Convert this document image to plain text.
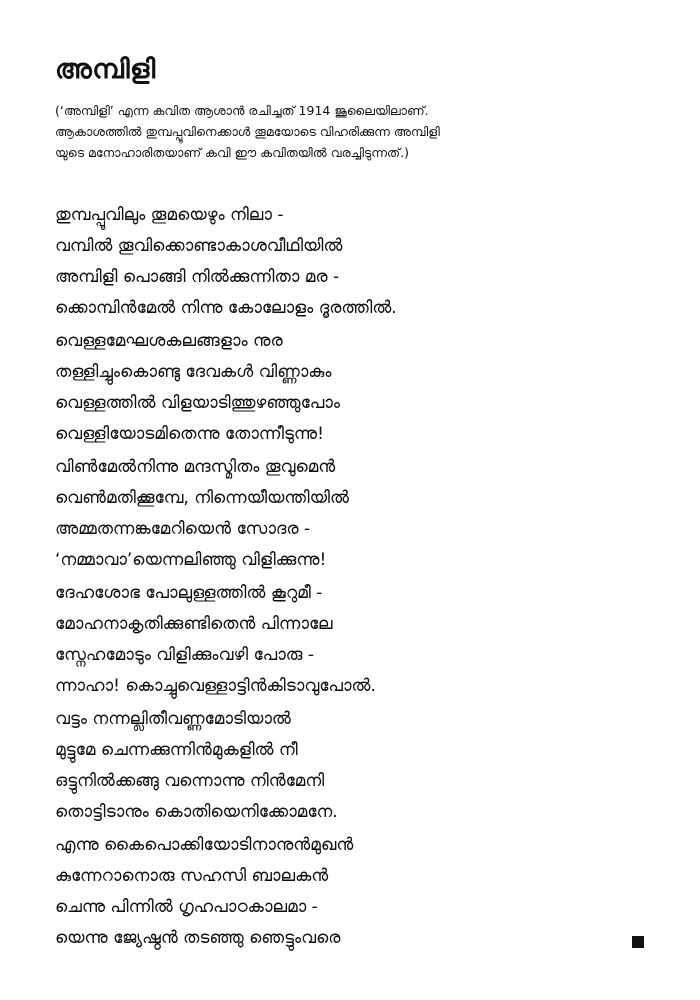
അമ്പിളി
(‘അമ്പിളി’ എന്ന കവിത ആശാൻ രചിച്ചത് 1914 ജൂലൈയിലാണ്.
ആകാശത്തിൽ തുമ്പപ്പൂവിനെക്കാൾ തൂമയോടെ വിഹരിക്കുന്ന അമ്പിളി
യുടെ മനോഹാരിതയാണ് കവി ഈ കവിതയിൽ വരച്ചിടുന്നത്.)
തുമ്പപ്പൂവിലും തൂമയെഴും നിലാ -
വമ്പിൽ തൂവിക്കൊണ്ടാകാശവീഥിയിൽ
അമ്പിളി പൊങ്ങി നിൽക്കുന്നിതാ മര -
ക്കൊമ്പിൻമേൽ നിന്നു കോലോളം ദൂരത്തിൽ.
വെള്ളമേഘശകലങ്ങളാം നുര
തള്ളിച്ചും‌കൊണ്ടു ദേവകൾ വിണ്ണാകും
വെള്ളത്തിൽ വിളയാടിത്തുഴഞ്ഞുപോം
വെള്ളിയോടമിതെന്നു തോന്നീടുന്നു!
വിൺമേൽനിന്നു മന്ദസ്മിതം തൂവുമെൻ
വെൺമതിക്കൂമ്പേ, നിന്നെയീയന്തിയിൽ
അമ്മതന്നങ്കമേറിയെൻ സോദര -
‘നമ്മാവാ’യെന്നലിഞ്ഞു വിളിക്കുന്നു!
ദേഹശോഭ പോലുള്ളത്തിൽ കൂറുമീ -
മോഹനാകൃതിക്കുണ്ടിതെൻ പിന്നാലേ
സ്നേഹമോടും വിളിക്കുംവഴി പോരു -
ന്നാഹാ! കൊച്ചുവെള്ളാട്ടിൻകിടാവുപോൽ.
വട്ടം നന്നല്ലിതീവണ്ണമോടിയാൽ
മുട്ടുമേ ചെന്നക്കുന്നിൻമുകളിൽ നീ
ഒട്ടുനിൽക്കങ്ങു വന്നൊന്നു നിൻമേനി
തൊട്ടിടാനും കൊതിയെനിക്കോമനേ.
എന്നു കൈപൊക്കിയോടിനാനുൻമുഖൻ
കുന്നേറാനൊരു സഹസി ബാലകൻ
ചെന്നു പിന്നിൽ ഗൃഹപാഠകാലമാ -
യെന്നു ജ്യേഷ്ഠൻ തടഞ്ഞു ഞെട്ടുംവരെ
